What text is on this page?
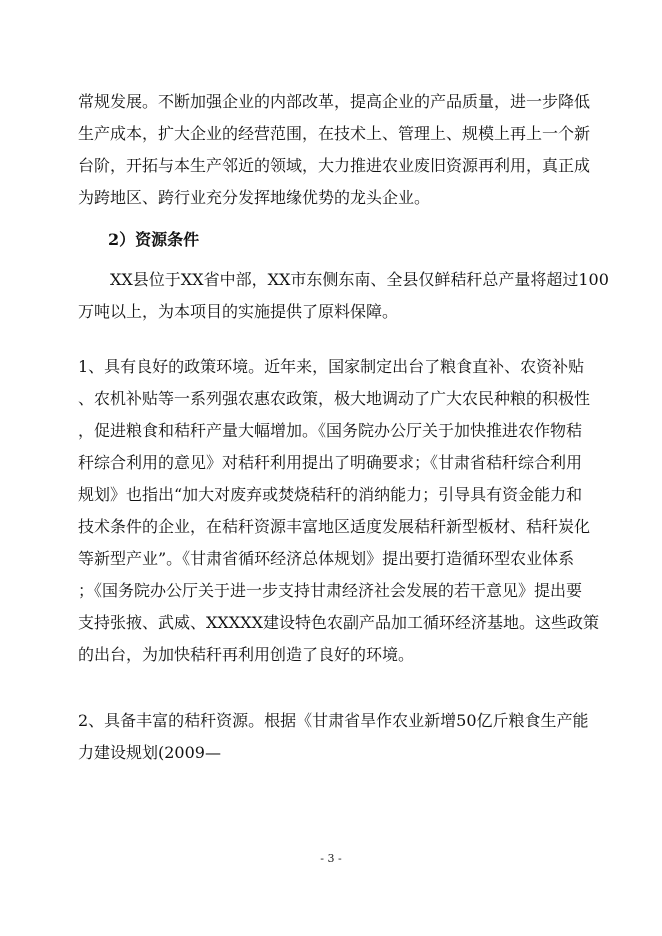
常规发展。不断加强企业的内部改革，提高企业的产品质量，进一步降低
生产成本，扩大企业的经营范围，在技术上、管理上、规模上再上一个新
台阶，开拓与本生产邻近的领域，大力推进农业废旧资源再利用，真正成
为跨地区、跨行业充分发挥地缘优势的龙头企业。
2）资源条件
XX县位于XX省中部，XX市东侧东南、全县仅鲜秸秆总产量将超过100
万吨以上，为本项目的实施提供了原料保障。
1、具有良好的政策环境。近年来，国家制定出台了粮食直补、农资补贴
、农机补贴等一系列强农惠农政策，极大地调动了广大农民种粮的积极性
，促进粮食和秸秆产量大幅增加。《国务院办公厅关于加快推进农作物秸
秆综合利用的意见》对秸秆利用提出了明确要求；《甘肃省秸秆综合利用
规划》也指出“加大对废弃或焚烧秸秆的消纳能力；引导具有资金能力和
技术条件的企业，在秸秆资源丰富地区适度发展秸秆新型板材、秸秆炭化
等新型产业”。《甘肃省循环经济总体规划》提出要打造循环型农业体系
；《国务院办公厅关于进一步支持甘肃经济社会发展的若干意见》提出要
支持张掖、武威、XXXXX建设特色农副产品加工循环经济基地。这些政策
的出台，为加快秸秆再利用创造了良好的环境。
2、具备丰富的秸秆资源。根据《甘肃省旱作农业新增50亿斤粮食生产能
力建设规划(2009—
- 3 -
